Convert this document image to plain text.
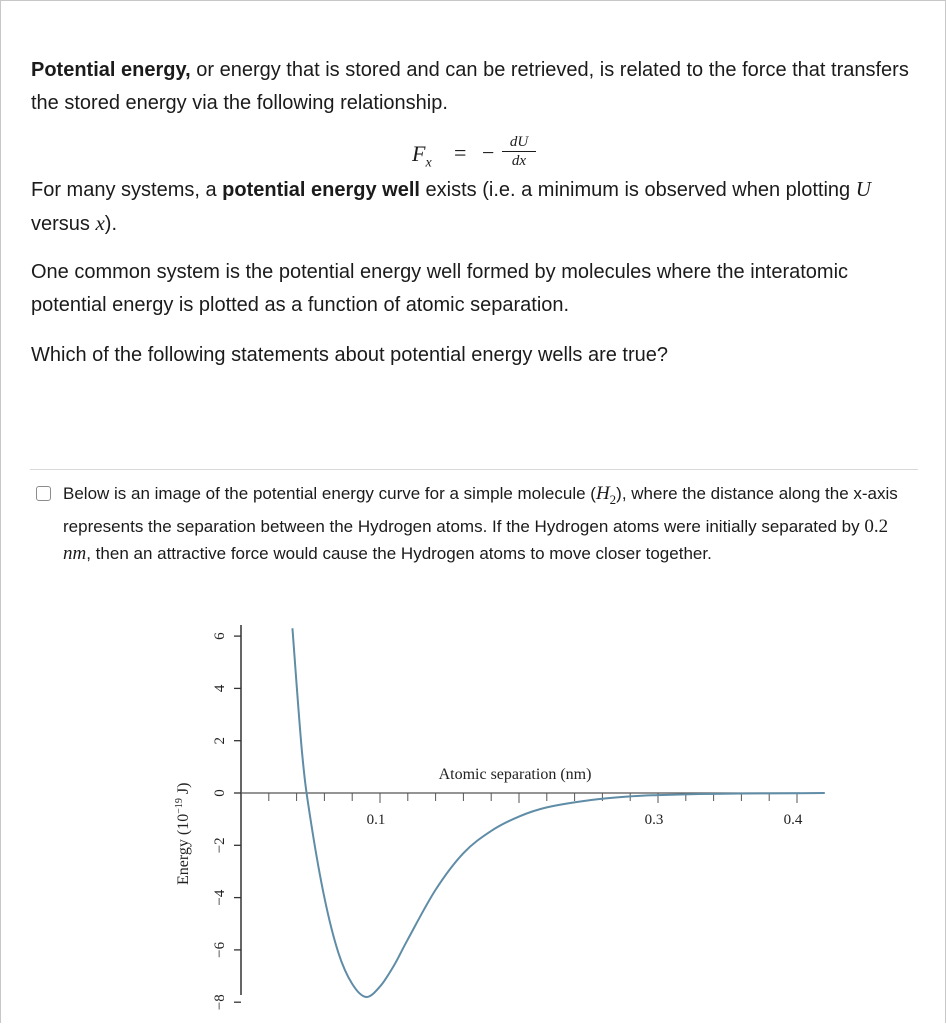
Potential energy, or energy that is stored and can be retrieved, is related to the force that transfers the stored energy via the following relationship.
$F_x$ = − $\frac{dU}{dx}$
For many systems, a potential energy well exists (i.e. a minimum is observed when plotting U versus x).
One common system is the potential energy well formed by molecules where the interatomic potential energy is plotted as a function of atomic separation.
Which of the following statements about potential energy wells are true?
Below is an image of the potential energy curve for a simple molecule $(H_2)$, where the distance along the x-axis represents the separation between the Hydrogen atoms. If the Hydrogen atoms were initially separated by 0.2 nm, then an attractive force would cause the Hydrogen atoms to move closer together.
6
4
2
0
−2
−4
−6
−8
0.1	0.3	0.4
Atomic separation (nm)
Energy ($10^{-19}$ J)
